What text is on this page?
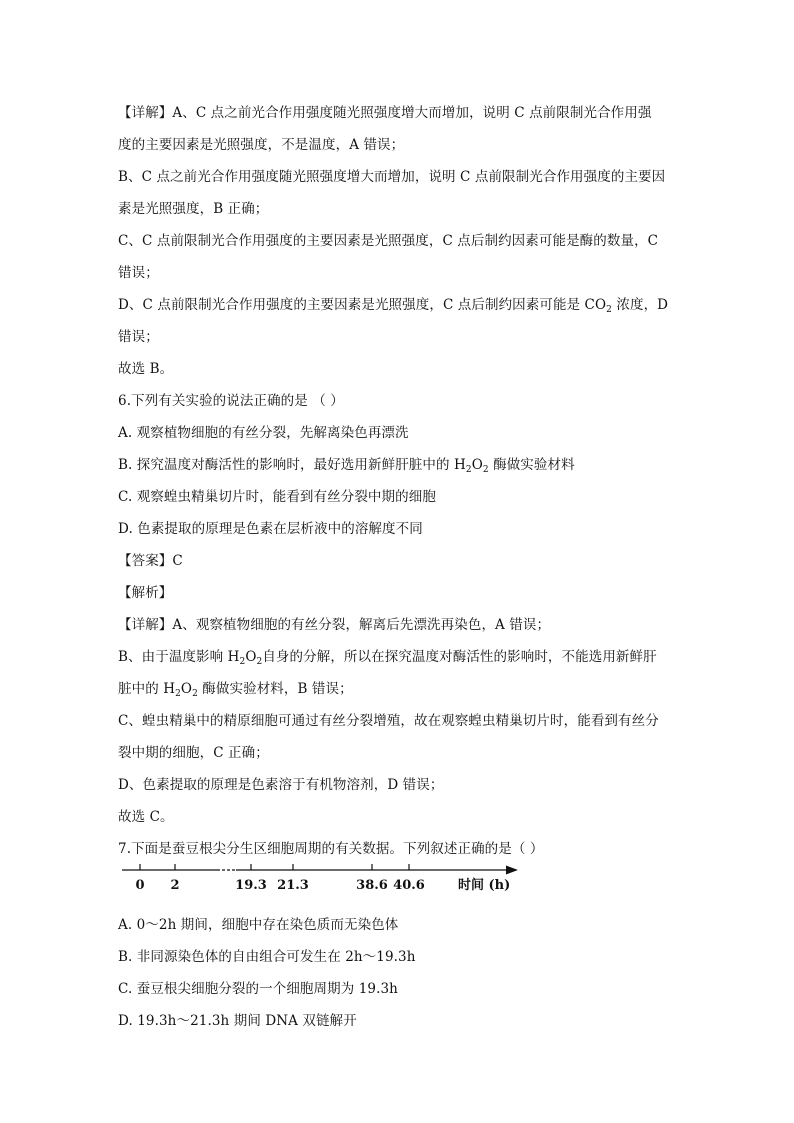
【详解】A、C 点之前光合作用强度随光照强度增大而增加，说明 C 点前限制光合作用强
度的主要因素是光照强度，不是温度，A 错误；
B、C 点之前光合作用强度随光照强度增大而增加，说明 C 点前限制光合作用强度的主要因
素是光照强度，B 正确；
C、C 点前限制光合作用强度的主要因素是光照强度，C 点后制约因素可能是酶的数量，C
错误；
D、C 点前限制光合作用强度的主要因素是光照强度，C 点后制约因素可能是 $CO_2$ 浓度，D
错误；
故选 B。
6.下列有关实验的说法正确的是 （ ）
A. 观察植物细胞的有丝分裂，先解离染色再漂洗
B. 探究温度对酶活性的影响时，最好选用新鲜肝脏中的 $H_2O_2$ 酶做实验材料
C. 观察蝗虫精巢切片时，能看到有丝分裂中期的细胞
D. 色素提取的原理是色素在层析液中的溶解度不同
【答案】C
【解析】
【详解】A、观察植物细胞的有丝分裂，解离后先漂洗再染色，A 错误；
B、由于温度影响 $H_2O_2$自身的分解，所以在探究温度对酶活性的影响时，不能选用新鲜肝
脏中的 $H_2O_2$ 酶做实验材料，B 错误；
C、蝗虫精巢中的精原细胞可通过有丝分裂增殖，故在观察蝗虫精巢切片时，能看到有丝分
裂中期的细胞，C 正确；
D、色素提取的原理是色素溶于有机物溶剂，D 错误；
故选 C。
7.下面是蚕豆根尖分生区细胞周期的有关数据。下列叙述正确的是（ ）
0 2	19.3 21.3	38.6 40.6	时间 (h)
A. 0～2h 期间，细胞中存在染色质而无染色体
B. 非同源染色体的自由组合可发生在 2h～19.3h
C. 蚕豆根尖细胞分裂的一个细胞周期为 19.3h
D. 19.3h～21.3h 期间 DNA 双链解开
